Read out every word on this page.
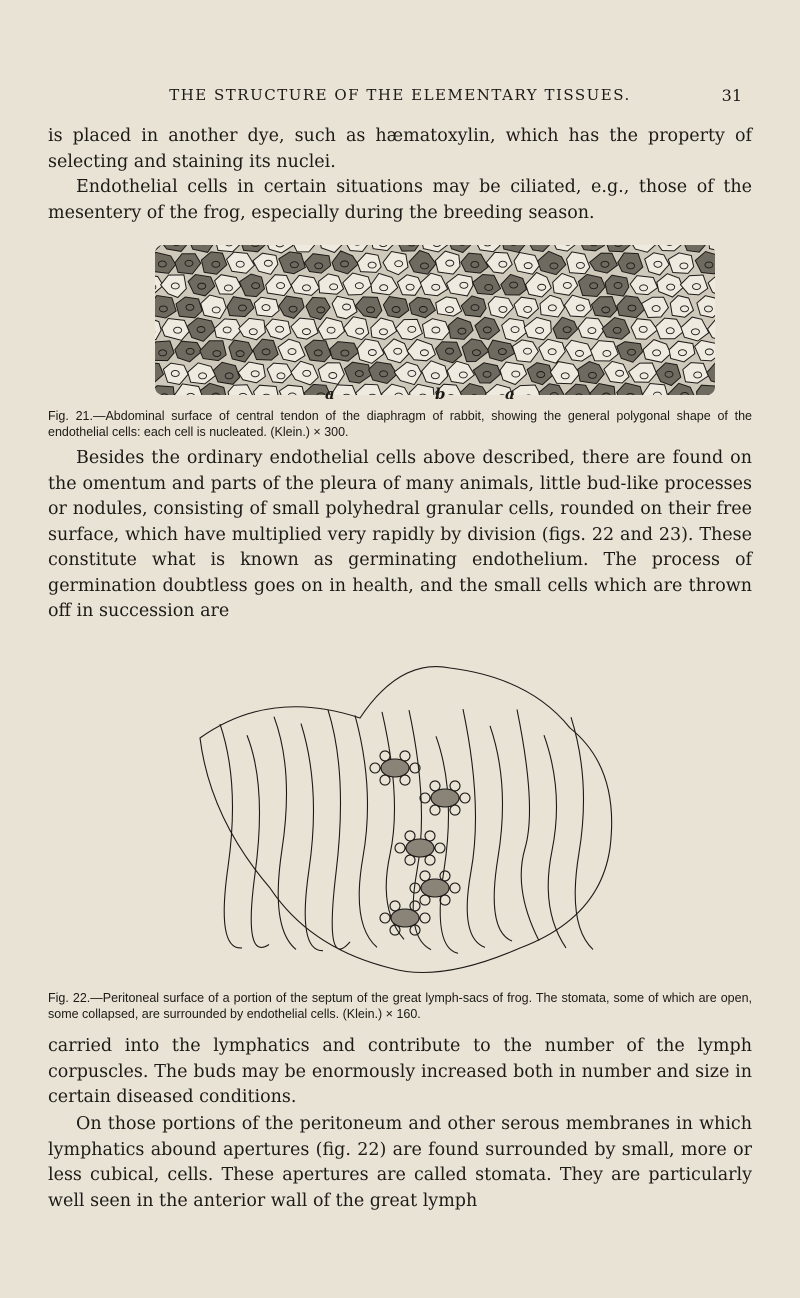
THE STRUCTURE OF THE ELEMENTARY TISSUES.	31

is placed in another dye, such as hæmatoxylin, which has the property of selecting and staining its nuclei.

Endothelial cells in certain situations may be ciliated, e.g., those of the mesentery of the frog, especially during the breeding season.

a	b	a

Fig. 21.—Abdominal surface of central tendon of the diaphragm of rabbit, showing the general polygonal shape of the endothelial cells: each cell is nucleated. (Klein.) × 300.

Besides the ordinary endothelial cells above described, there are found on the omentum and parts of the pleura of many animals, little bud-like processes or nodules, consisting of small polyhedral granular cells, rounded on their free surface, which have multiplied very rapidly by division (figs. 22 and 23). These constitute what is known as germinating endothelium. The process of germination doubtless goes on in health, and the small cells which are thrown off in succession are

Fig. 22.—Peritoneal surface of a portion of the septum of the great lymph-sacs of frog. The stomata, some of which are open, some collapsed, are surrounded by endothelial cells. (Klein.) × 160.

carried into the lymphatics and contribute to the number of the lymph corpuscles. The buds may be enormously increased both in number and size in certain diseased conditions.

On those portions of the peritoneum and other serous membranes in which lymphatics abound apertures (fig. 22) are found surrounded by small, more or less cubical, cells. These apertures are called stomata. They are particularly well seen in the anterior wall of the great lymph
